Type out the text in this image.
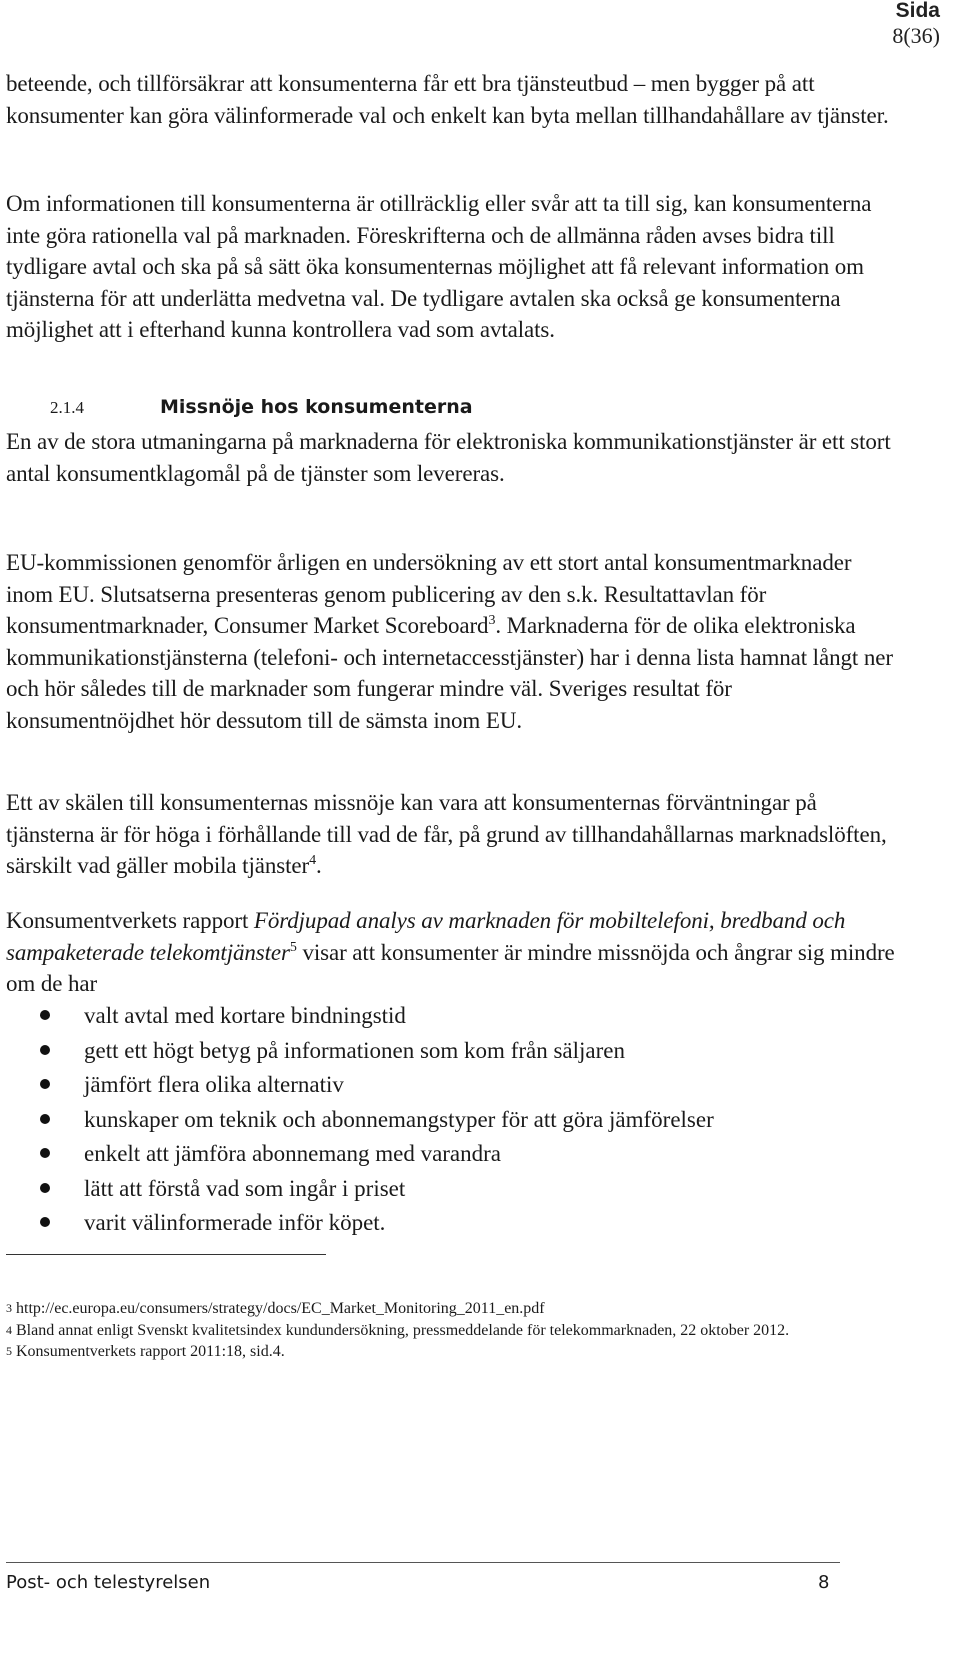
Sida
8(36)

beteende, och tillförsäkrar att konsumenterna får ett bra tjänsteutbud – men bygger på att konsumenter kan göra välinformerade val och enkelt kan byta mellan tillhandahållare av tjänster.

Om informationen till konsumenterna är otillräcklig eller svår att ta till sig, kan konsumenterna inte göra rationella val på marknaden. Föreskrifterna och de allmänna råden avses bidra till tydligare avtal och ska på så sätt öka konsumenternas möjlighet att få relevant information om tjänsterna för att underlätta medvetna val. De tydligare avtalen ska också ge konsumenterna möjlighet att i efterhand kunna kontrollera vad som avtalats.

2.1.4	Missnöje hos konsumenterna

En av de stora utmaningarna på marknaderna för elektroniska kommunikationstjänster är ett stort antal konsumentklagomål på de tjänster som levereras.

EU-kommissionen genomför årligen en undersökning av ett stort antal konsumentmarknader inom EU. Slutsatserna presenteras genom publicering av den s.k. Resultattavlan för konsumentmarknader, Consumer Market Scoreboard$^3$. Marknaderna för de olika elektroniska kommunikationstjänsterna (telefoni- och internetaccesstjänster) har i denna lista hamnat långt ner och hör således till de marknader som fungerar mindre väl. Sveriges resultat för konsumentnöjdhet hör dessutom till de sämsta inom EU.

Ett av skälen till konsumenternas missnöje kan vara att konsumenternas förväntningar på tjänsterna är för höga i förhållande till vad de får, på grund av tillhandahållarnas marknadslöften, särskilt vad gäller mobila tjänster$^4$.

Konsumentverkets rapport Fördjupad analys av marknaden för mobiltelefoni, bredband och sampaketerade telekomtjänster$^5$ visar att konsumenter är mindre missnöjda och ångrar sig mindre om de har

valt avtal med kortare bindningstid
gett ett högt betyg på informationen som kom från säljaren
jämfört flera olika alternativ
kunskaper om teknik och abonnemangstyper för att göra jämförelser
enkelt att jämföra abonnemang med varandra
lätt att förstå vad som ingår i priset
varit välinformerade inför köpet.

3 http://ec.europa.eu/consumers/strategy/docs/EC_Market_Monitoring_2011_en.pdf

4 Bland annat enligt Svenskt kvalitetsindex kundundersökning, pressmeddelande för telekommarknaden, 22 oktober 2012.

5 Konsumentverkets rapport 2011:18, sid.4.

Post- och telestyrelsen	8
